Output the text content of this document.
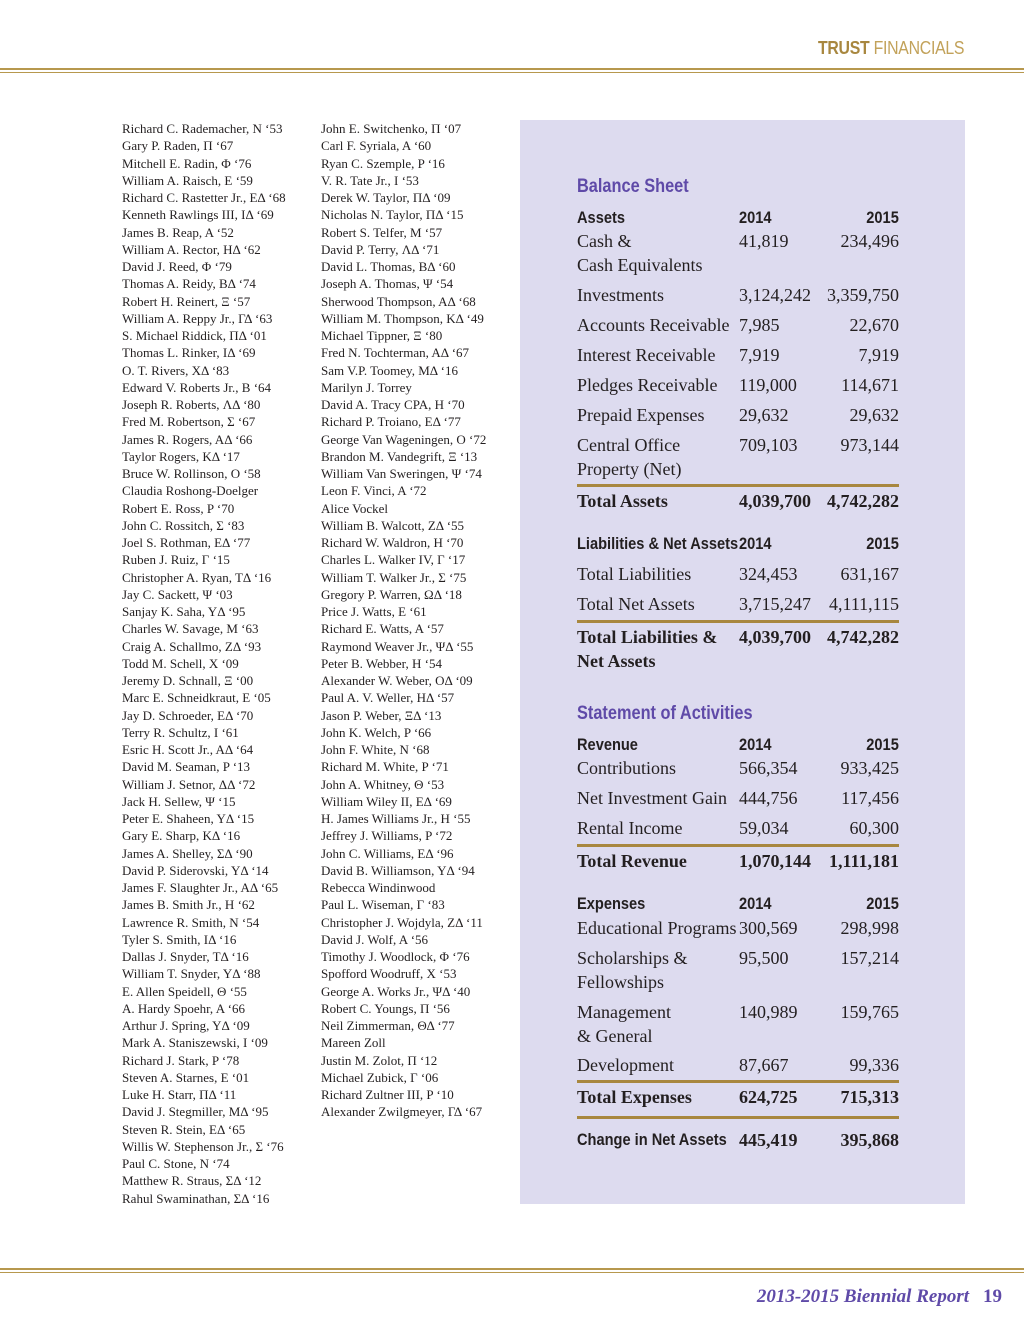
TRUST FINANCIALS
Richard C. Rademacher, N ‘53
Gary P. Raden, Π ‘67
Mitchell E. Radin, Φ ‘76
William A. Raisch, E ‘59
Richard C. Rastetter Jr., EΔ ‘68
Kenneth Rawlings III, IΔ ‘69
James B. Reap, A ‘52
William A. Rector, HΔ ‘62
David J. Reed, Φ ‘79
Thomas A. Reidy, BΔ ‘74
Robert H. Reinert, Ξ ‘57
William A. Reppy Jr., ΓΔ ‘63
S. Michael Riddick, ΠΔ ‘01
Thomas L. Rinker, IΔ ‘69
O. T. Rivers, XΔ ‘83
Edward V. Roberts Jr., B ‘64
Joseph R. Roberts, ΛΔ ‘80
Fred M. Robertson, Σ ‘67
James R. Rogers, AΔ ‘66
Taylor Rogers, KΔ ‘17
Bruce W. Rollinson, O ‘58
Claudia Roshong-Doelger
Robert E. Ross, P ‘70
John C. Rossitch, Σ ‘83
Joel S. Rothman, EΔ ‘77
Ruben J. Ruiz, Γ ‘15
Christopher A. Ryan, TΔ ‘16
Jay C. Sackett, Ψ ‘03
Sanjay K. Saha, YΔ ‘95
Charles W. Savage, M ‘63
Craig A. Schallmo, ZΔ ‘93
Todd M. Schell, X ‘09
Jeremy D. Schnall, Ξ ‘00
Marc E. Schneidkraut, E ‘05
Jay D. Schroeder, EΔ ‘70
Terry R. Schultz, I ‘61
Esric H. Scott Jr., AΔ ‘64
David M. Seaman, P ‘13
William J. Setnor, ΔΔ ‘72
Jack H. Sellew, Ψ ‘15
Peter E. Shaheen, YΔ ‘15
Gary E. Sharp, KΔ ‘16
James A. Shelley, ΣΔ ‘90
David P. Siderovski, YΔ ‘14
James F. Slaughter Jr., AΔ ‘65
James B. Smith Jr., H ‘62
Lawrence R. Smith, N ‘54
Tyler S. Smith, IΔ ‘16
Dallas J. Snyder, TΔ ‘16
William T. Snyder, YΔ ‘88
E. Allen Speidell, Θ ‘55
A. Hardy Spoehr, A ‘66
Arthur J. Spring, YΔ ‘09
Mark A. Staniszewski, I ‘09
Richard J. Stark, P ‘78
Steven A. Starnes, E ‘01
Luke H. Starr, ΠΔ ‘11
David J. Stegmiller, MΔ ‘95
Steven R. Stein, EΔ ‘65
Willis W. Stephenson Jr., Σ ‘76
Paul C. Stone, N ‘74
Matthew R. Straus, ΣΔ ‘12
Rahul Swaminathan, ΣΔ ‘16
John E. Switchenko, Π ‘07
Carl F. Syriala, A ‘60
Ryan C. Szemple, P ‘16
V. R. Tate Jr., I ‘53
Derek W. Taylor, ΠΔ ‘09
Nicholas N. Taylor, ΠΔ ‘15
Robert S. Telfer, M ‘57
David P. Terry, ΛΔ ‘71
David L. Thomas, BΔ ‘60
Joseph A. Thomas, Ψ ‘54
Sherwood Thompson, AΔ ‘68
William M. Thompson, KΔ ‘49
Michael Tippner, Ξ ‘80
Fred N. Tochterman, AΔ ‘67
Sam V.P. Toomey, MΔ ‘16
Marilyn J. Torrey
David A. Tracy CPA, H ‘70
Richard P. Troiano, EΔ ‘77
George Van Wageningen, O ‘72
Brandon M. Vandegrift, Ξ ‘13
William Van Sweringen, Ψ ‘74
Leon F. Vinci, A ‘72
Alice Vockel
William B. Walcott, ZΔ ‘55
Richard W. Waldron, H ‘70
Charles L. Walker IV, Γ ‘17
William T. Walker Jr., Σ ‘75
Gregory P. Warren, ΩΔ ‘18
Price J. Watts, E ‘61
Richard E. Watts, A ‘57
Raymond Weaver Jr., ΨΔ ‘55
Peter B. Webber, H ‘54
Alexander W. Weber, OΔ ‘09
Paul A. V. Weller, HΔ ‘57
Jason P. Weber, ΞΔ ‘13
John K. Welch, P ‘66
John F. White, N ‘68
Richard M. White, P ‘71
John A. Whitney, Θ ‘53
William Wiley II, EΔ ‘69
H. James Williams Jr., H ‘55
Jeffrey J. Williams, P ‘72
John C. Williams, EΔ ‘96
David B. Williamson, YΔ ‘94
Rebecca Windinwood
Paul L. Wiseman, Γ ‘83
Christopher J. Wojdyla, ZΔ ‘11
David J. Wolf, A ‘56
Timothy J. Woodlock, Φ ‘76
Spofford Woodruff, X ‘53
George A. Works Jr., ΨΔ ‘40
Robert C. Youngs, Π ‘56
Neil Zimmerman, ΘΔ ‘77
Mareen Zoll
Justin M. Zolot, Π ‘12
Michael Zubick, Γ ‘06
Richard Zultner III, P ‘10
Alexander Zwilgmeyer, ΓΔ ‘67
Balance Sheet
Assets	2014	2015
Cash &
Cash Equivalents
41,819	234,496
Investments	3,124,242 3,359,750
Accounts Receivable 7,985	22,670
Interest Receivable 7,919	7,919
Pledges Receivable 119,000 114,671
Prepaid Expenses 29,632	29,632
Central Office
Property (Net)
709,103 973,144
Total Assets	4,039,700 4,742,282
Liabilities & Net Assets 2014	2015
Total Liabilities	324,453 631,167
Total Net Assets 3,715,247 4,111,115
Total Liabilities &
Net Assets
4,039,700 4,742,282
Statement of Activities
Revenue	2014	2015
Contributions	566,354 933,425
Net Investment Gain 444,756 117,456
Rental Income	59,034	60,300
Total Revenue	1,070,144 1,111,181
Expenses	2014	2015
Educational Programs 300,569 298,998
Scholarships &
Fellowships
95,500	157,214
Management
& General
140,989 159,765
Development	87,667	99,336
Total Expenses	624,725 715,313
Change in Net Assets 445,419 395,868
2013-2015 Biennial Report 19
